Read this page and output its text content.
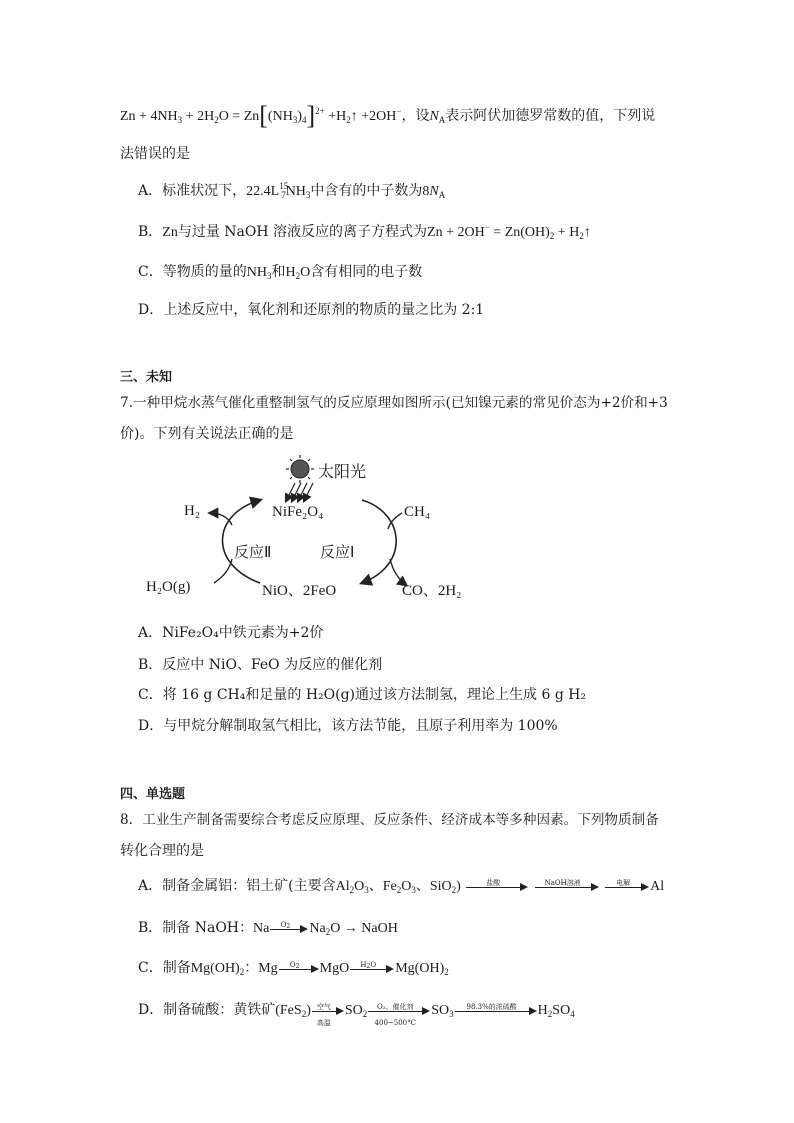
$Zn + 4NH_3 + 2H_2O = Zn[(NH_3)_4]^{2+}$ $+H_2↑ +2OH^-$，设$N_A$表示阿伏加德罗常数的值，下列说
法错误的是
A．标准状况下，$22.4L^{15}_7NH_3$中含有的中子数为$8N_A$
B．Zn与过量 NaOH 溶液反应的离子方程式为$Zn + 2OH^- = Zn(OH)_2$ + $H_2↑$
C．等物质的量的$NH_3$和$H_2O$含有相同的电子数
D．上述反应中，氧化剂和还原剂的物质的量之比为 2:1
三、未知
7.一种甲烷水蒸气催化重整制氢气的反应原理如图所示(已知镍元素的常见价态为+2价和+3
价)。下列有关说法正确的是
太阳光
NiFe₂O₄
H₂	CH₄
反应Ⅱ	反应Ⅰ
H₂O(g)	NiO、2FeO	CO、2H₂
A．NiFe₂O₄中铁元素为+2价
B．反应中 NiO、FeO 为反应的催化剂
C．将 16 g CH₄和足量的 H₂O(g)通过该方法制氢，理论上生成 6 g H₂
D．与甲烷分解制取氢气相比，该方法节能，且原子利用率为 100%
四、单选题
8．工业生产制备需要综合考虑反应原理、反应条件、经济成本等多种因素。下列物质制备
转化合理的是
A．制备金属铝：铝土矿(主要含$Al_2O_3$、$Fe_2O_3$、SiO$_2$)	盐酸
	NaOH溶液
	电解	Al
B．制备 NaOH：Na	$O_2$	$Na_2O$ → NaOH
C．制备$Mg(OH)_2$：Mg	$O_2$	MgO	$H_2O$	$Mg(OH)_2$
D．制备硫酸：黄铁矿(FeS$_2$) 空气
高温
$SO_2$
O₂、催化剂
400~500°C
$SO_3$
98.3%的浓硫酸	$H_2SO_4$
